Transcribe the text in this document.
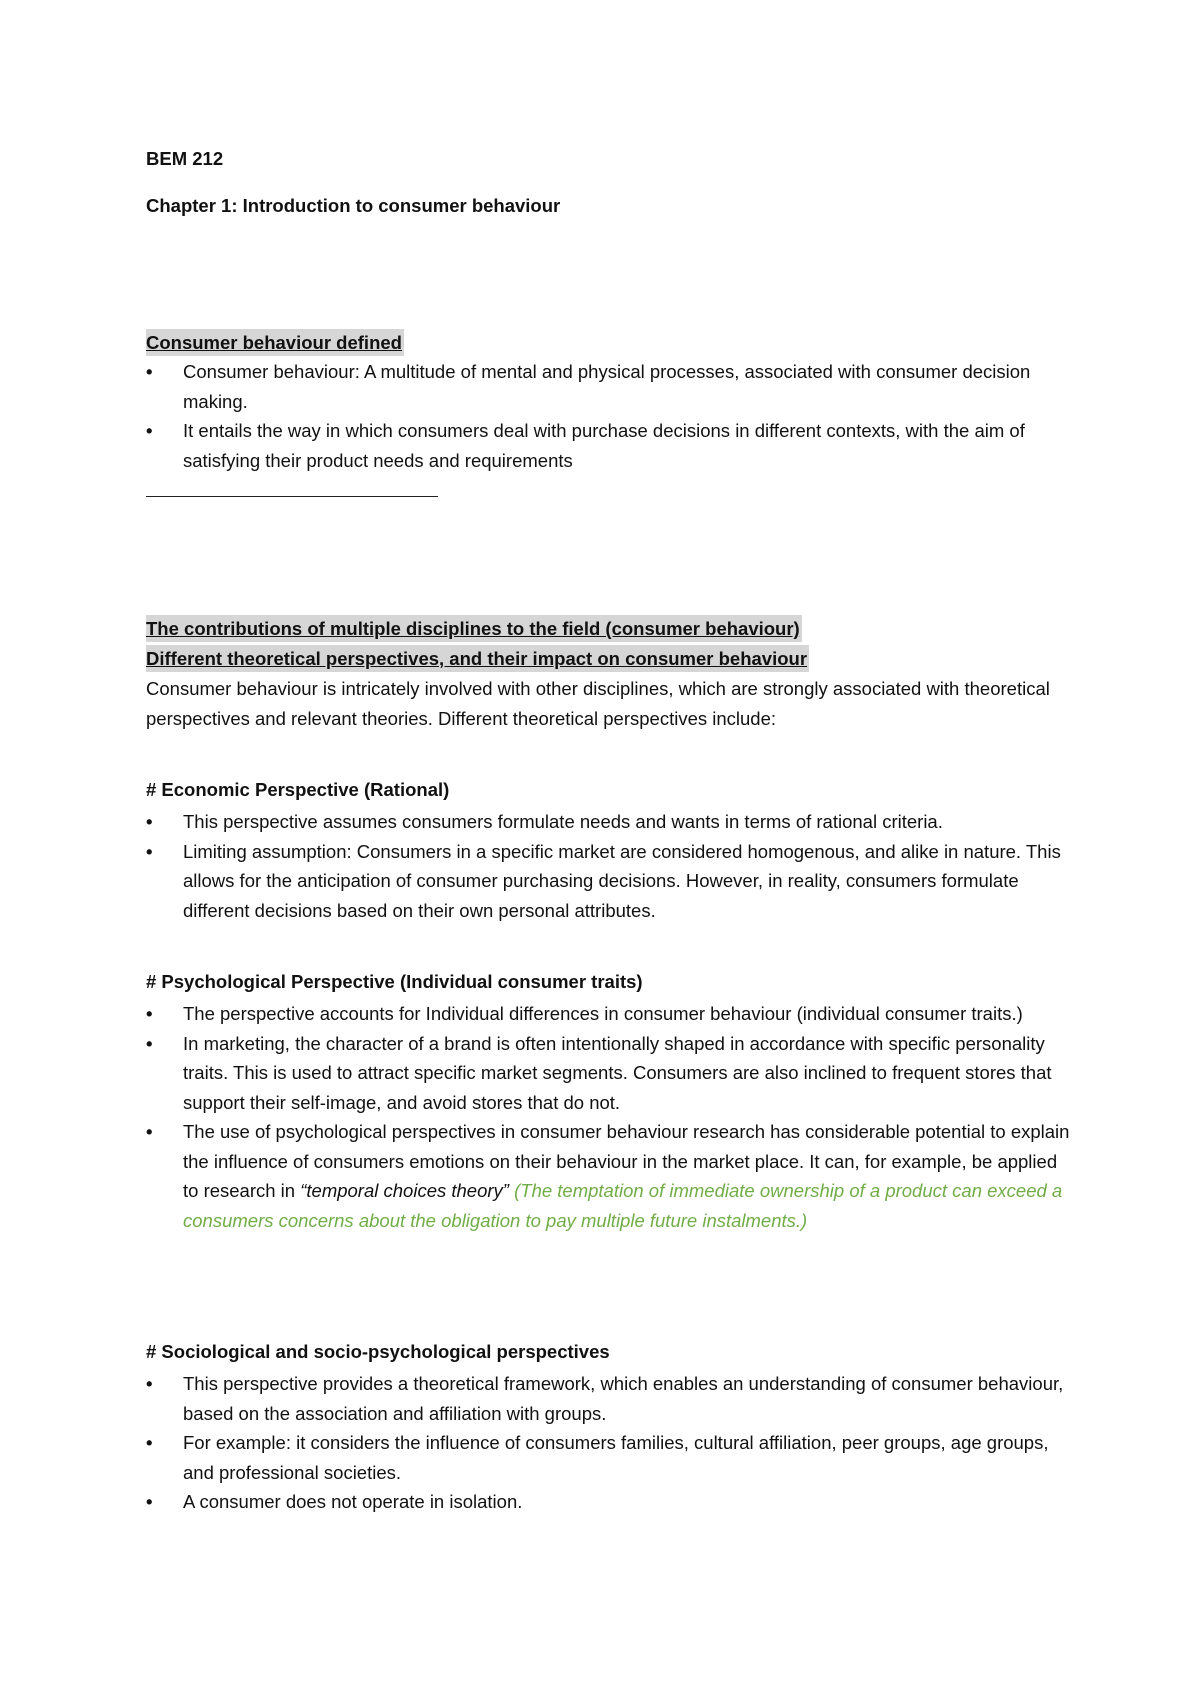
BEM 212

Chapter 1: Introduction to consumer behaviour

Consumer behaviour defined

• Consumer behaviour: A multitude of mental and physical processes, associated with consumer decision making.
• It entails the way in which consumers deal with purchase decisions in different contexts, with the aim of satisfying their product needs and requirements

The contributions of multiple disciplines to the field (consumer behaviour)

Different theoretical perspectives, and their impact on consumer behaviour

Consumer behaviour is intricately involved with other disciplines, which are strongly associated with theoretical perspectives and relevant theories. Different theoretical perspectives include:

# Economic Perspective (Rational)

• This perspective assumes consumers formulate needs and wants in terms of rational criteria.
• Limiting assumption: Consumers in a specific market are considered homogenous, and alike in nature. This allows for the anticipation of consumer purchasing decisions. However, in reality, consumers formulate different decisions based on their own personal attributes.

# Psychological Perspective (Individual consumer traits)

• The perspective accounts for Individual differences in consumer behaviour (individual consumer traits.)
• In marketing, the character of a brand is often intentionally shaped in accordance with specific personality traits. This is used to attract specific market segments. Consumers are also inclined to frequent stores that support their self-image, and avoid stores that do not.
• The use of psychological perspectives in consumer behaviour research has considerable potential to explain the influence of consumers emotions on their behaviour in the market place. It can, for example, be applied to research in “temporal choices theory” (The temptation of immediate ownership of a product can exceed a consumers concerns about the obligation to pay multiple future instalments.)

# Sociological and socio-psychological perspectives

• This perspective provides a theoretical framework, which enables an understanding of consumer behaviour, based on the association and affiliation with groups.
• For example: it considers the influence of consumers families, cultural affiliation, peer groups, age groups, and professional societies.
• A consumer does not operate in isolation.
